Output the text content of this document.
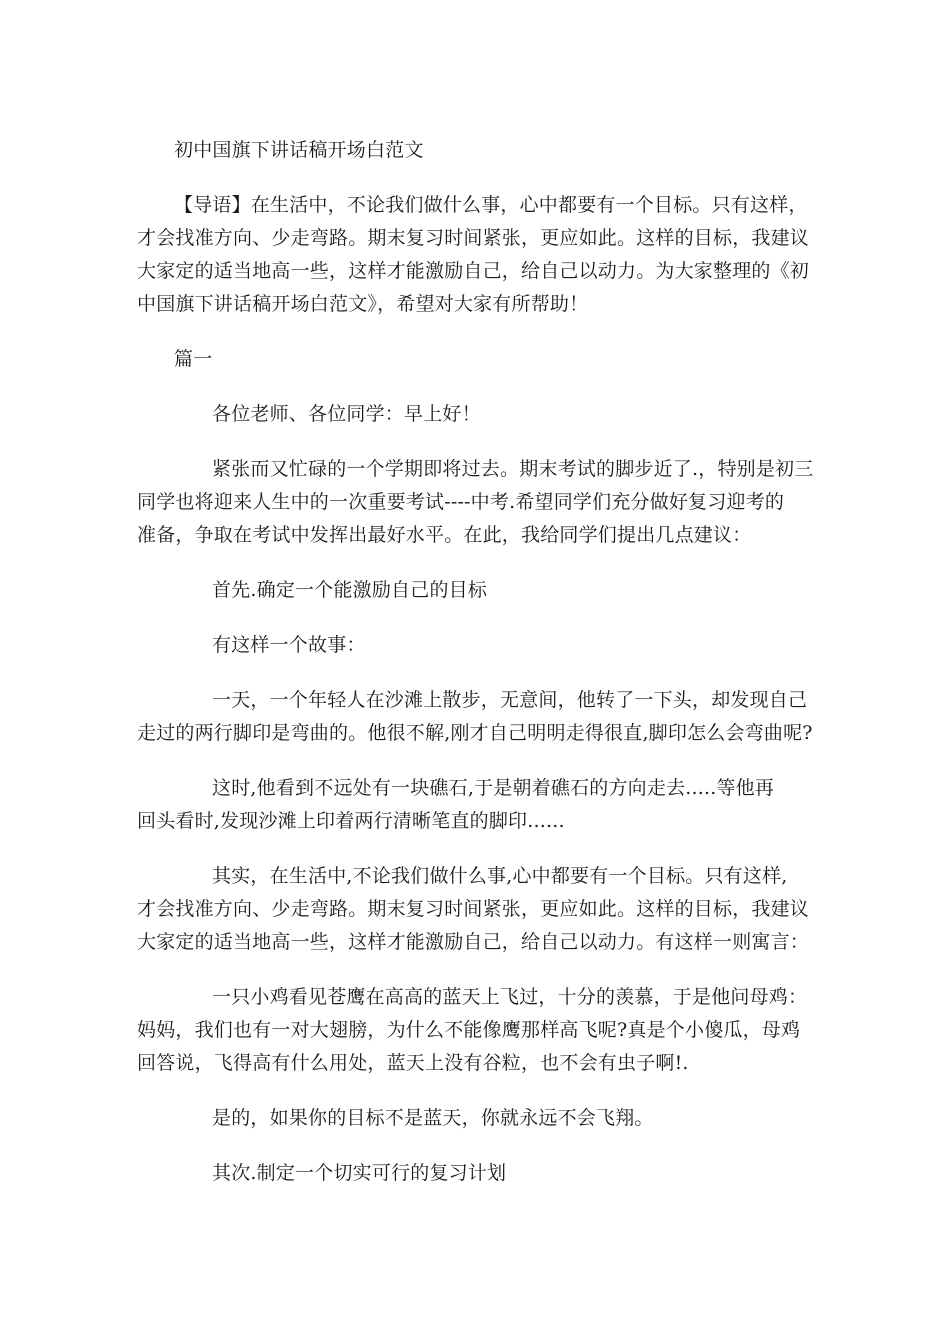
初中国旗下讲话稿开场白范文
【导语】在生活中，不论我们做什么事，心中都要有一个目标。只有这样，
才会找准方向、少走弯路。期末复习时间紧张，更应如此。这样的目标，我建议
大家定的适当地高一些，这样才能激励自己，给自己以动力。为大家整理的《初
中国旗下讲话稿开场白范文》，希望对大家有所帮助！
篇一
各位老师、各位同学：早上好！
紧张而又忙碌的一个学期即将过去。期末考试的脚步近了.，特别是初三
同学也将迎来人生中的一次重要考试----中考.希望同学们充分做好复习迎考的
准备，争取在考试中发挥出最好水平。在此，我给同学们提出几点建议：
首先.确定一个能激励自己的目标
有这样一个故事：
一天，一个年轻人在沙滩上散步，无意间，他转了一下头，却发现自己
走过的两行脚印是弯曲的。他很不解,刚才自己明明走得很直,脚印怎么会弯曲呢?
这时,他看到不远处有一块礁石,于是朝着礁石的方向走去.....等他再
回头看时,发现沙滩上印着两行清晰笔直的脚印......
其实，在生活中,不论我们做什么事,心中都要有一个目标。只有这样,
才会找准方向、少走弯路。期末复习时间紧张，更应如此。这样的目标，我建议
大家定的适当地高一些，这样才能激励自己，给自己以动力。有这样一则寓言：
一只小鸡看见苍鹰在高高的蓝天上飞过，十分的羡慕，于是他问母鸡：
妈妈，我们也有一对大翅膀，为什么不能像鹰那样高飞呢?真是个小傻瓜，母鸡
回答说，飞得高有什么用处，蓝天上没有谷粒，也不会有虫子啊!.
是的，如果你的目标不是蓝天，你就永远不会飞翔。
其次.制定一个切实可行的复习计划
